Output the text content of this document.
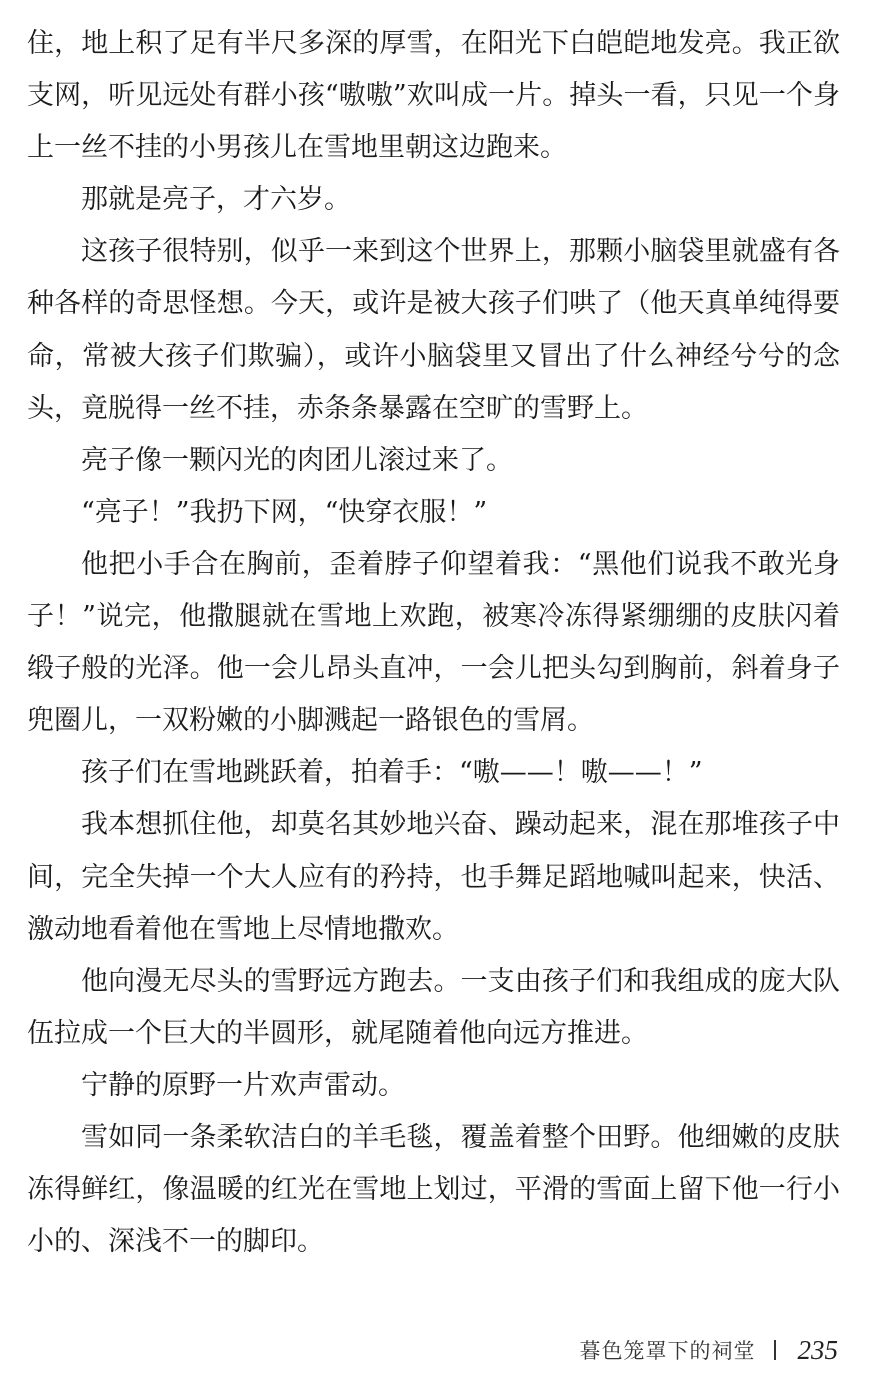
住，地上积了足有半尺多深的厚雪，在阳光下白皑皑地发亮。我正欲支网，听见远处有群小孩“嗷嗷”欢叫成一片。掉头一看，只见一个身上一丝不挂的小男孩儿在雪地里朝这边跑来。

那就是亮子，才六岁。

这孩子很特别，似乎一来到这个世界上，那颗小脑袋里就盛有各种各样的奇思怪想。今天，或许是被大孩子们哄了（他天真单纯得要命，常被大孩子们欺骗），或许小脑袋里又冒出了什么神经兮兮的念头，竟脱得一丝不挂，赤条条暴露在空旷的雪野上。

亮子像一颗闪光的肉团儿滚过来了。

“亮子！”我扔下网，“快穿衣服！”

他把小手合在胸前，歪着脖子仰望着我：“黑他们说我不敢光身子！”说完，他撒腿就在雪地上欢跑，被寒冷冻得紧绷绷的皮肤闪着缎子般的光泽。他一会儿昂头直冲，一会儿把头勾到胸前，斜着身子兜圈儿，一双粉嫩的小脚溅起一路银色的雪屑。

孩子们在雪地跳跃着，拍着手：“嗷——！嗷——！”

我本想抓住他，却莫名其妙地兴奋、躁动起来，混在那堆孩子中间，完全失掉一个大人应有的矜持，也手舞足蹈地喊叫起来，快活、激动地看着他在雪地上尽情地撒欢。

他向漫无尽头的雪野远方跑去。一支由孩子们和我组成的庞大队伍拉成一个巨大的半圆形，就尾随着他向远方推进。

宁静的原野一片欢声雷动。

雪如同一条柔软洁白的羊毛毯，覆盖着整个田野。他细嫩的皮肤冻得鲜红，像温暖的红光在雪地上划过，平滑的雪面上留下他一行小小的、深浅不一的脚印。

暮色笼罩下的祠堂 235
